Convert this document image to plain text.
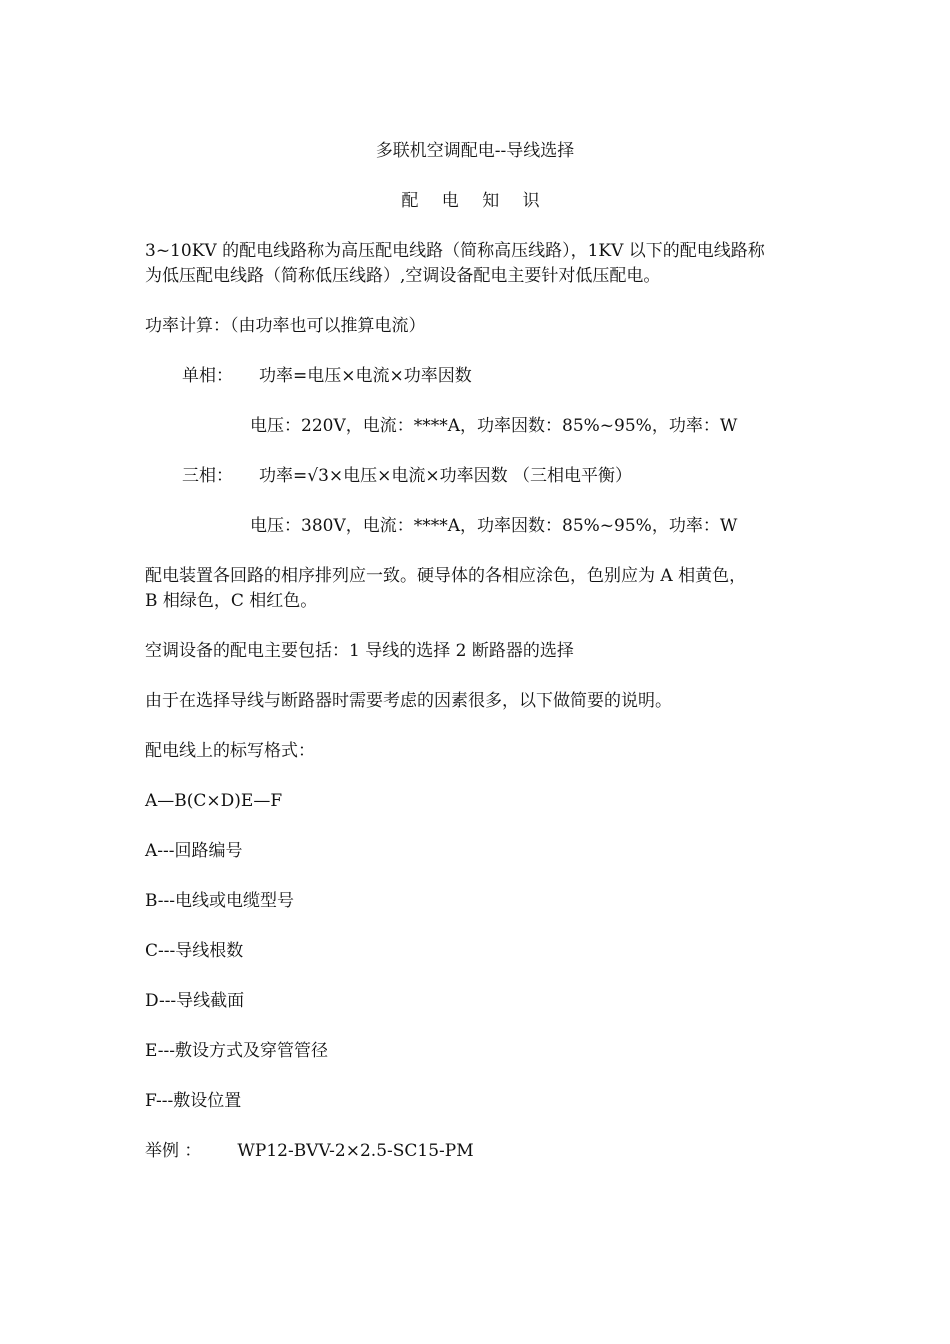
多联机空调配电--导线选择
配 电 知 识
3~10KV 的配电线路称为高压配电线路（简称高压线路），1KV 以下的配电线路称
为低压配电线路（简称低压线路）,空调设备配电主要针对低压配电。
功率计算：（由功率也可以推算电流）
单相： 功率=电压×电流×功率因数
电压：220V，电流：****A，功率因数：85%~95%，功率：W
三相： 功率=√3×电压×电流×功率因数 （三相电平衡）
电压：380V，电流：****A，功率因数：85%~95%，功率：W
配电装置各回路的相序排列应一致。硬导体的各相应涂色，色别应为 A 相黄色，
B 相绿色，C 相红色。
空调设备的配电主要包括：1 导线的选择 2 断路器的选择
由于在选择导线与断路器时需要考虑的因素很多，以下做简要的说明。
配电线上的标写格式：
A—B(C×D)E—F
A---回路编号
B---电线或电缆型号
C---导线根数
D---导线截面
E---敷设方式及穿管管径
F---敷设位置
举例 ： WP12-BVV-2×2.5-SC15-PM
